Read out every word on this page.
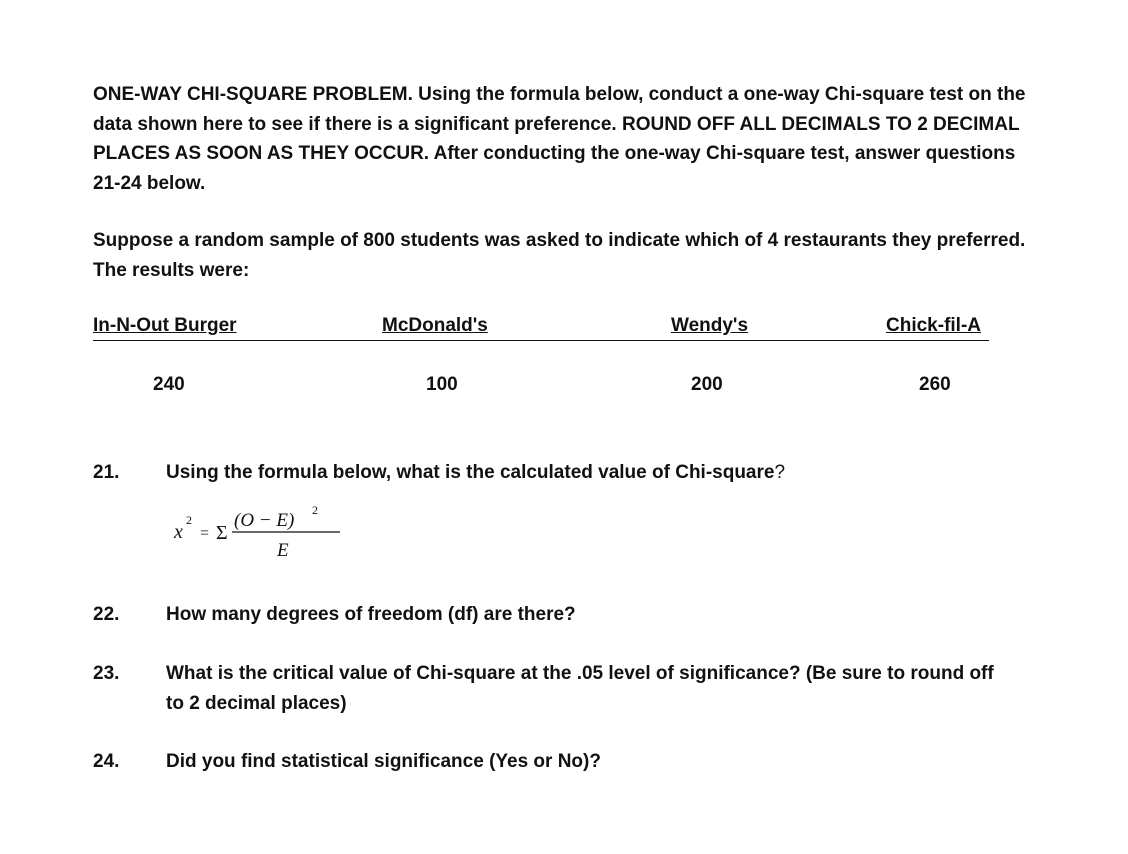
ONE-WAY CHI-SQUARE PROBLEM. Using the formula below, conduct a one-way Chi-square test on the data shown here to see if there is a significant preference. ROUND OFF ALL DECIMALS TO 2 DECIMAL PLACES AS SOON AS THEY OCCUR. After conducting the one-way Chi-square test, answer questions 21-24 below.

Suppose a random sample of 800 students was asked to indicate which of 4 restaurants they preferred. The results were:

In-N-Out Burger	McDonald's	Wendy's	Chick-fil-A
240	100	200	260
21. Using the formula below, what is the calculated value of Chi-square?
x
2
= Σ
(O − E) 2
E
22. How many degrees of freedom (df) are there?
23. What is the critical value of Chi-square at the .05 level of significance? (Be sure to round off to 2 decimal places)
24. Did you find statistical significance (Yes or No)?
